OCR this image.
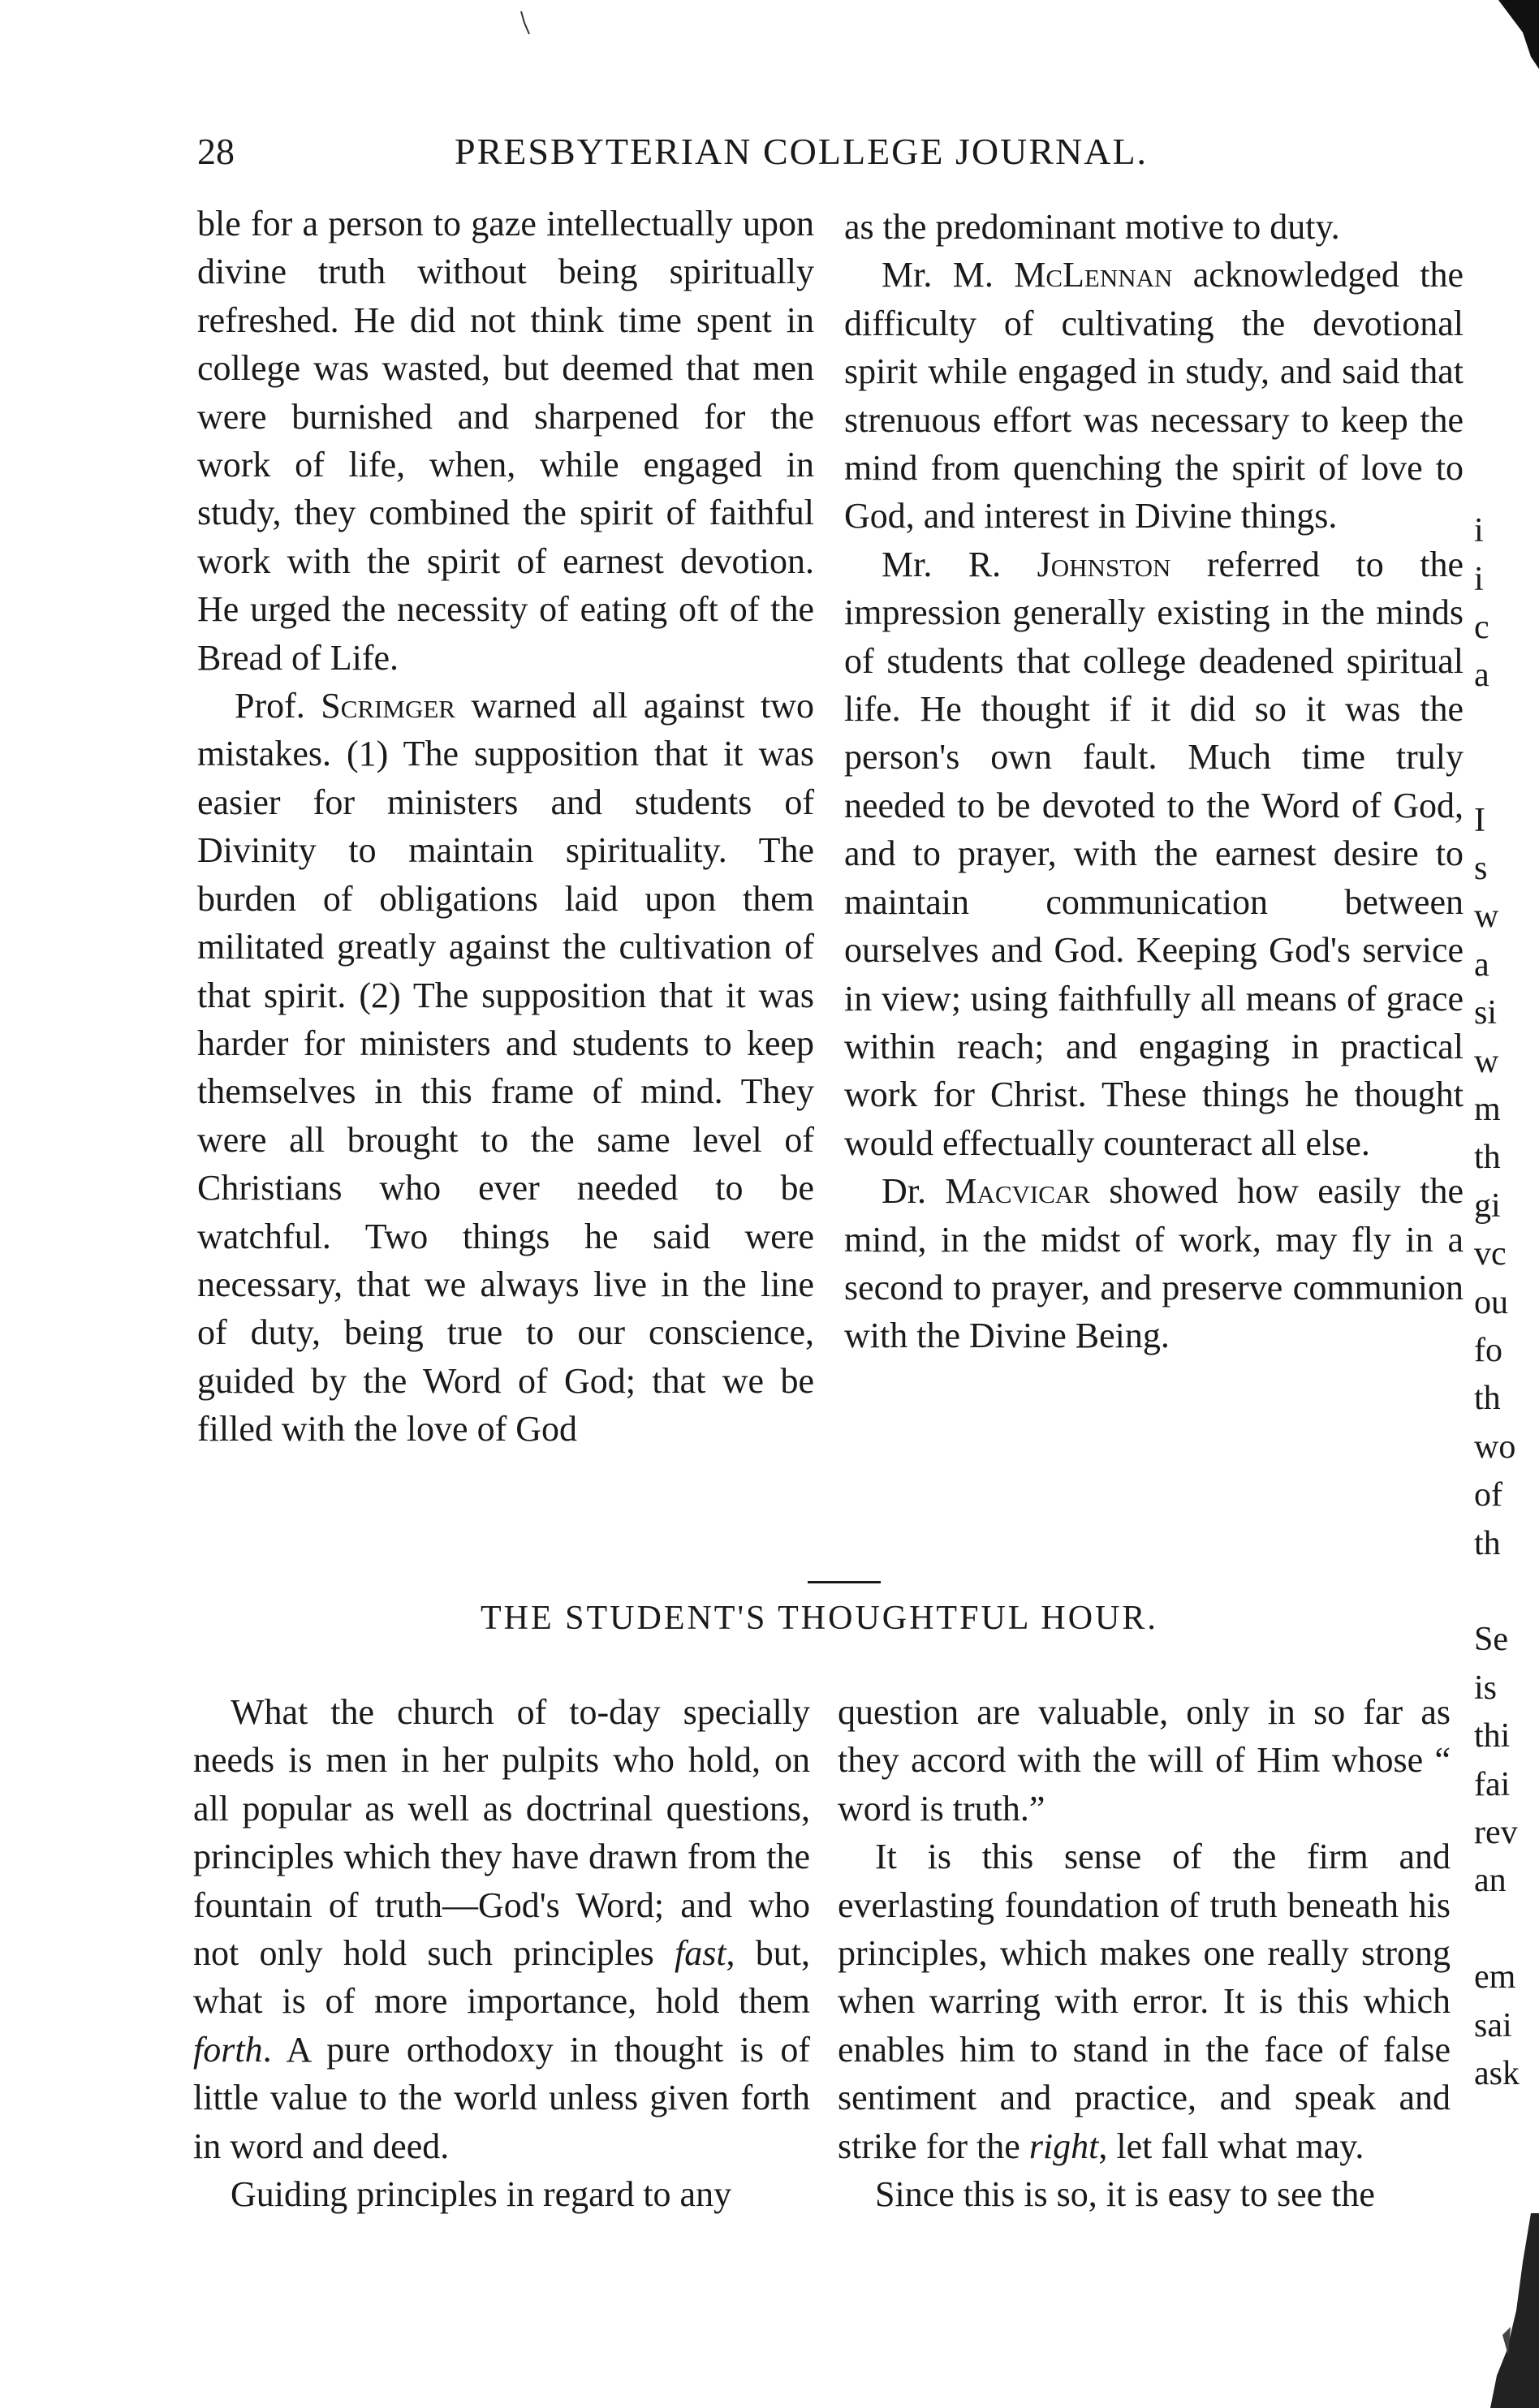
28	PRESBYTERIAN COLLEGE JOURNAL.

ble for a person to gaze intellectually upon divine truth without being spiritually refreshed. He did not think time spent in college was wasted, but deemed that men were burnished and sharpened for the work of life, when, while engaged in study, they combined the spirit of faithful work with the spirit of earnest devotion. He urged the necessity of eating oft of the Bread of Life.

Prof. Scrimger warned all against two mistakes. (1) The supposition that it was easier for ministers and students of Divinity to maintain spirituality. The burden of obligations laid upon them militated greatly against the cultivation of that spirit. (2) The supposition that it was harder for ministers and students to keep themselves in this frame of mind. They were all brought to the same level of Christians who ever needed to be watchful. Two things he said were necessary, that we always live in the line of duty, being true to our conscience, guided by the Word of God; that we be filled with the love of God

as the predominant motive to duty.

Mr. M. McLennan acknowledged the difficulty of cultivating the devotional spirit while engaged in study, and said that strenuous effort was necessary to keep the mind from quenching the spirit of love to God, and interest in Divine things.

Mr. R. Johnston referred to the impression generally existing in the minds of students that college deadened spiritual life. He thought if it did so it was the person's own fault. Much time truly needed to be devoted to the Word of God, and to prayer, with the earnest desire to maintain communication between ourselves and God. Keeping God's service in view; using faithfully all means of grace within reach; and engaging in practical work for Christ. These things he thought would effectually counteract all else.

Dr. Macvicar showed how easily the mind, in the midst of work, may fly in a second to prayer, and preserve communion with the Divine Being.

THE STUDENT'S THOUGHTFUL HOUR.

What the church of to-day specially needs is men in her pulpits who hold, on all popular as well as doctrinal questions, principles which they have drawn from the fountain of truth—God's Word; and who not only hold such principles fast, but, what is of more importance, hold them forth. A pure orthodoxy in thought is of little value to the world unless given forth in word and deed.

Guiding principles in regard to any

question are valuable, only in so far as they accord with the will of Him whose “ word is truth.”

It is this sense of the firm and everlasting foundation of truth beneath his principles, which makes one really strong when warring with error. It is this which enables him to stand in the face of false sentiment and practice, and speak and strike for the right, let fall what may.

Since this is so, it is easy to see the

i
i
c
a
I
s
w
a
si
w
m
th
gi
vc
ou
fo
th
wo
of
th
Se
is
thi
fai
rev
an
em
sai
ask
